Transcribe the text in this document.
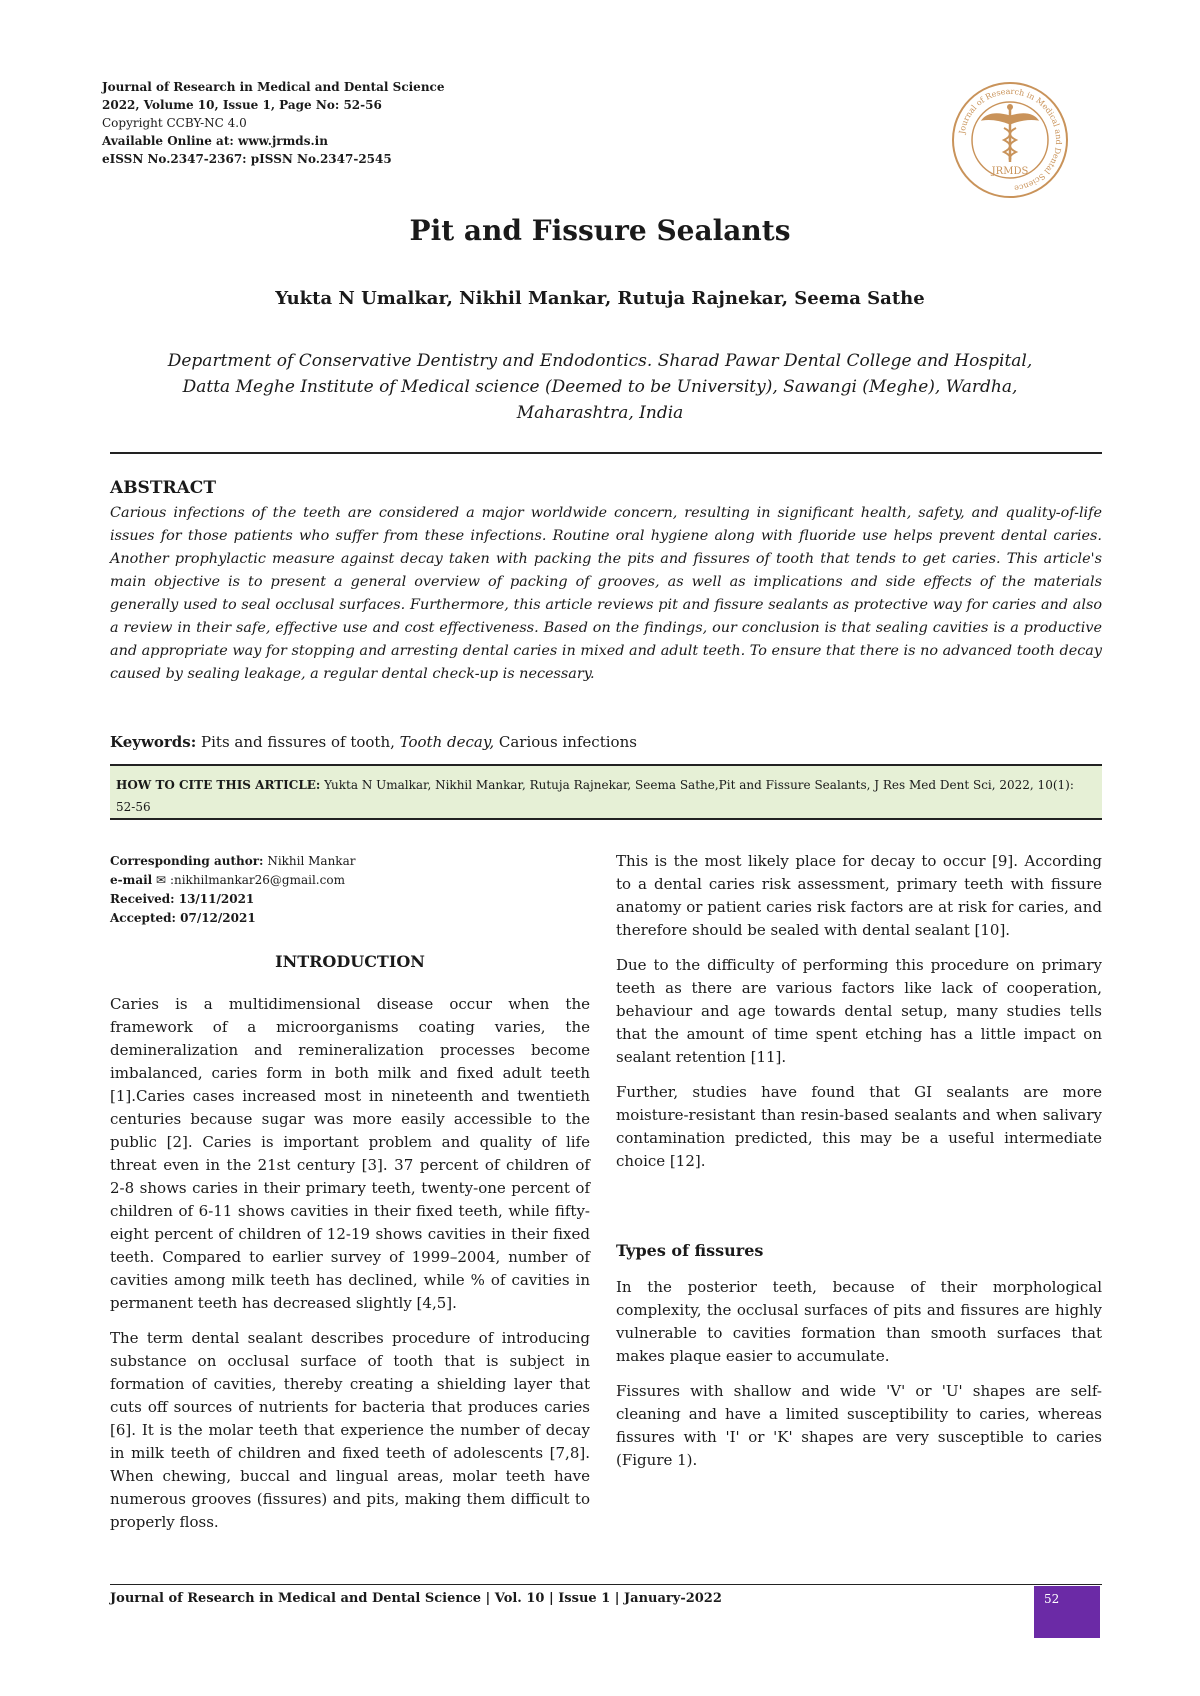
Journal of Research in Medical and Dental Science
2022, Volume 10, Issue 1, Page No: 52-56
Copyright CCBY-NC 4.0
Available Online at: www.jrmds.in
eISSN No.2347-2367: pISSN No.2347-2545
Journal of Research in Medical and Dental Science
JRMDS
Pit and Fissure Sealants

Yukta N Umalkar, Nikhil Mankar, Rutuja Rajnekar, Seema Sathe

Department of Conservative Dentistry and Endodontics. Sharad Pawar Dental College and Hospital, Datta Meghe Institute of Medical science (Deemed to be University), Sawangi (Meghe), Wardha, Maharashtra, India

ABSTRACT

Carious infections of the teeth are considered a major worldwide concern, resulting in significant health, safety, and quality-of-life issues for those patients who suffer from these infections. Routine oral hygiene along with fluoride use helps prevent dental caries. Another prophylactic measure against decay taken with packing the pits and fissures of tooth that tends to get caries. This article's main objective is to present a general overview of packing of grooves, as well as implications and side effects of the materials generally used to seal occlusal surfaces. Furthermore, this article reviews pit and fissure sealants as protective way for caries and also a review in their safe, effective use and cost effectiveness. Based on the findings, our conclusion is that sealing cavities is a productive and appropriate way for stopping and arresting dental caries in mixed and adult teeth. To ensure that there is no advanced tooth decay caused by sealing leakage, a regular dental check-up is necessary.

Keywords: Pits and fissures of tooth, Tooth decay, Carious infections

HOW TO CITE THIS ARTICLE: Yukta N Umalkar, Nikhil Mankar, Rutuja Rajnekar, Seema Sathe,Pit and Fissure Sealants, J Res Med Dent Sci, 2022, 10(1): 52-56
Corresponding author: Nikhil Mankar
e-mail ✉ :nikhilmankar26@gmail.com
Received: 13/11/2021
Accepted: 07/12/2021
INTRODUCTION

Caries is a multidimensional disease occur when the framework of a microorganisms coating varies, the demineralization and remineralization processes become imbalanced, caries form in both milk and fixed adult teeth [1].Caries cases increased most in nineteenth and twentieth centuries because sugar was more easily accessible to the public [2]. Caries is important problem and quality of life threat even in the 21st century [3]. 37 percent of children of 2-8 shows caries in their primary teeth, twenty-one percent of children of 6-11 shows cavities in their fixed teeth, while fifty-eight percent of children of 12-19 shows cavities in their fixed teeth. Compared to earlier survey of 1999–2004, number of cavities among milk teeth has declined, while % of cavities in permanent teeth has decreased slightly [4,5].

The term dental sealant describes procedure of introducing substance on occlusal surface of tooth that is subject in formation of cavities, thereby creating a shielding layer that cuts off sources of nutrients for bacteria that produces caries [6]. It is the molar teeth that experience the number of decay in milk teeth of children and fixed teeth of adolescents [7,8]. When chewing, buccal and lingual areas, molar teeth have numerous grooves (fissures) and pits, making them difficult to properly floss.

This is the most likely place for decay to occur [9]. According to a dental caries risk assessment, primary teeth with fissure anatomy or patient caries risk factors are at risk for caries, and therefore should be sealed with dental sealant [10].

Due to the difficulty of performing this procedure on primary teeth as there are various factors like lack of cooperation, behaviour and age towards dental setup, many studies tells that the amount of time spent etching has a little impact on sealant retention [11].

Further, studies have found that GI sealants are more moisture-resistant than resin-based sealants and when salivary contamination predicted, this may be a useful intermediate choice [12].

Types of fissures

In the posterior teeth, because of their morphological complexity, the occlusal surfaces of pits and fissures are highly vulnerable to cavities formation than smooth surfaces that makes plaque easier to accumulate.

Fissures with shallow and wide 'V' or 'U' shapes are self-cleaning and have a limited susceptibility to caries, whereas fissures with 'I' or 'K' shapes are very susceptible to caries (Figure 1).

Journal of Research in Medical and Dental Science | Vol. 10 | Issue 1 | January-2022	52
